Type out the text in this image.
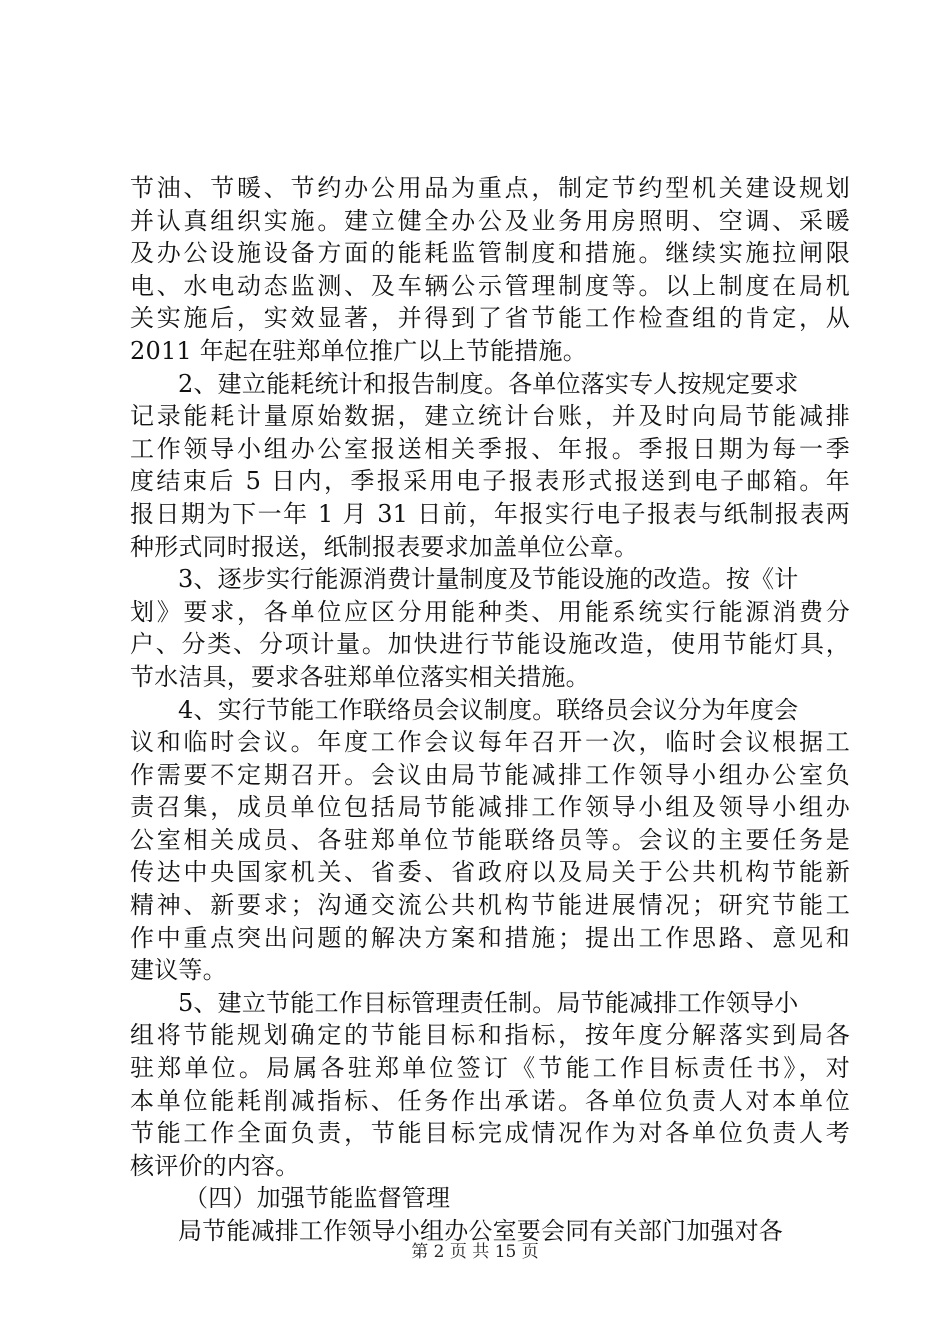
节油、节暖、节约办公用品为重点，制定节约型机关建设规划
并认真组织实施。建立健全办公及业务用房照明、空调、采暖
及办公设施设备方面的能耗监管制度和措施。继续实施拉闸限
电、水电动态监测、及车辆公示管理制度等。以上制度在局机
关实施后，实效显著，并得到了省节能工作检查组的肯定，从
2011 年起在驻郑单位推广以上节能措施。
2、建立能耗统计和报告制度。各单位落实专人按规定要求
记录能耗计量原始数据，建立统计台账，并及时向局节能减排
工作领导小组办公室报送相关季报、年报。季报日期为每一季
度结束后 5 日内，季报采用电子报表形式报送到电子邮箱。年
报日期为下一年 1 月 31 日前，年报实行电子报表与纸制报表两
种形式同时报送，纸制报表要求加盖单位公章。
3、逐步实行能源消费计量制度及节能设施的改造。按《计
划》要求，各单位应区分用能种类、用能系统实行能源消费分
户、分类、分项计量。加快进行节能设施改造，使用节能灯具，
节水洁具，要求各驻郑单位落实相关措施。
4、实行节能工作联络员会议制度。联络员会议分为年度会
议和临时会议。年度工作会议每年召开一次，临时会议根据工
作需要不定期召开。会议由局节能减排工作领导小组办公室负
责召集，成员单位包括局节能减排工作领导小组及领导小组办
公室相关成员、各驻郑单位节能联络员等。会议的主要任务是
传达中央国家机关、省委、省政府以及局关于公共机构节能新
精神、新要求；沟通交流公共机构节能进展情况；研究节能工
作中重点突出问题的解决方案和措施；提出工作思路、意见和
建议等。
5、建立节能工作目标管理责任制。局节能减排工作领导小
组将节能规划确定的节能目标和指标，按年度分解落实到局各
驻郑单位。局属各驻郑单位签订《节能工作目标责任书》，对
本单位能耗削减指标、任务作出承诺。各单位负责人对本单位
节能工作全面负责，节能目标完成情况作为对各单位负责人考
核评价的内容。
（四）加强节能监督管理
局节能减排工作领导小组办公室要会同有关部门加强对各
第 2 页 共 15 页
